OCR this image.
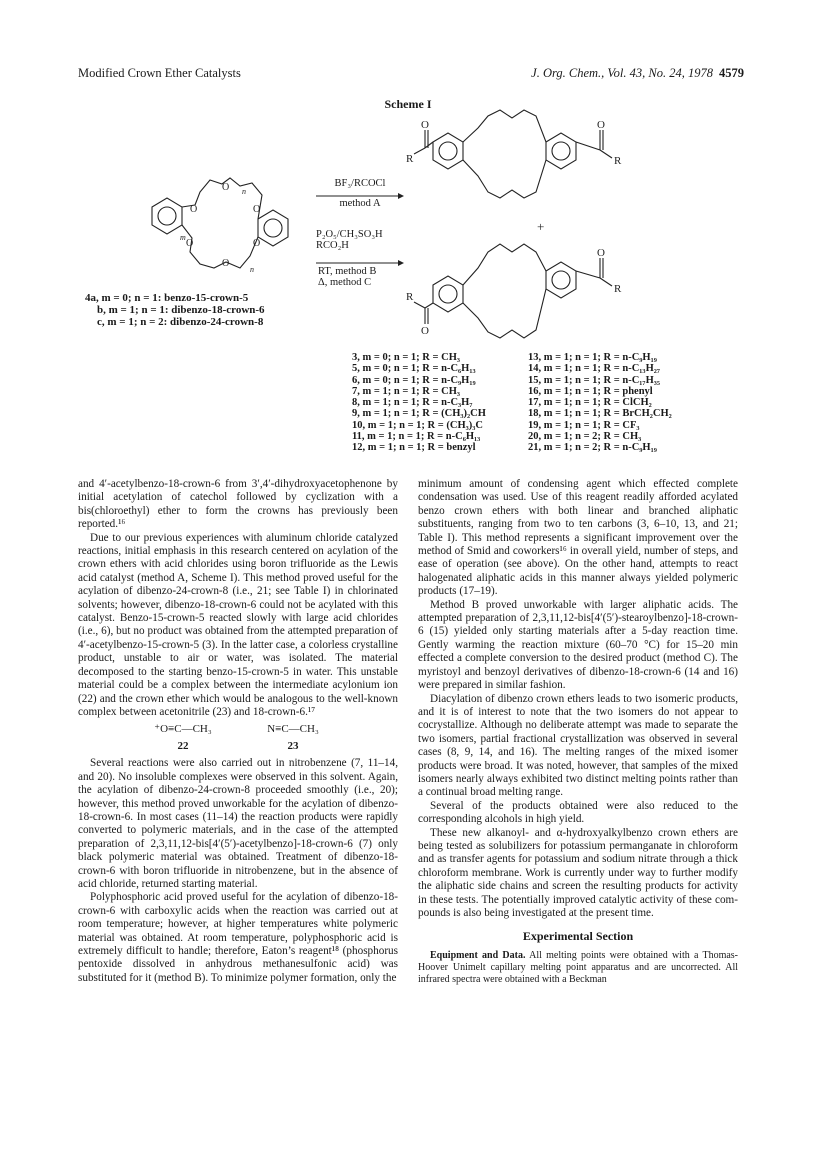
Modified Crown Ether Catalysts	J. Org. Chem., Vol. 43, No. 24, 1978 4579
Scheme I
O
O
O
O	O
O
n
m
n
O
R
O
R
+
O
R
O
R
BF₃/RCOCl
method A
P₂O₅/CH₃SO₃H
RCO₂H
RT, method B
Δ, method C
4a, m = 0; n = 1: benzo-15-crown-5
b, m = 1; n = 1: dibenzo-18-crown-6
c, m = 1; n = 2: dibenzo-24-crown-8
3, m = 0; n = 1; R = CH₃
5, m = 0; n = 1; R = n-C₆H₁₃
6, m = 0; n = 1; R = n-C₉H₁₉
7, m = 1; n = 1; R = CH₃
8, m = 1; n = 1; R = n-C₃H₇
9, m = 1; n = 1; R = (CH₃)₂CH
10, m = 1; n = 1; R = (CH₃)₃C
11, m = 1; n = 1; R = n-C₆H₁₃
12, m = 1; n = 1; R = benzyl
13, m = 1; n = 1; R = n-C₉H₁₉
14, m = 1; n = 1; R = n-C₁₃H₂₇
15, m = 1; n = 1; R = n-C₁₇H₃₅
16, m = 1; n = 1; R = phenyl
17, m = 1; n = 1; R = ClCH₂
18, m = 1; n = 1; R = BrCH₂CH₂
19, m = 1; n = 1; R = CF₃
20, m = 1; n = 2; R = CH₃
21, m = 1; n = 2; R = n-C₉H₁₉

and 4′-acetylbenzo-18-crown-6 from 3′,4′-dihydroxyacetophenone by initial acetylation of catechol followed by cyclization with a bis(chloroethyl) ether to form the crowns has previously been reported.¹⁶

Due to our previous experiences with aluminum chloride catalyzed reactions, initial emphasis in this research centered on acylation of the crown ethers with acid chlorides using boron trifluoride as the Lewis acid catalyst (method A, Scheme I). This method proved useful for the acylation of dibenzo-24-crown-8 (i.e., 21; see Table I) in chlorinated solvents; however, dibenzo-18-crown-6 could not be acylated with this catalyst. Benzo-15-crown-5 reacted slowly with large acid chlorides (i.e., 6), but no product was obtained from the attempted preparation of 4′-acetylbenzo-15-crown-5 (3). In the latter case, a colorless crystalline product, unstable to air or water, was isolated. The material decomposed to the starting benzo-15-crown-5 in water. This unstable material could be a complex between the intermediate acylonium ion (22) and the crown ether which would be analogous to the well-known complex between acetonitrile (23) and 18-crown-6.¹⁷

⁺O≡C—CH₃	N≡C—CH₃
22	23

Several reactions were also carried out in nitrobenzene (7, 11–14, and 20). No insoluble complexes were observed in this solvent. Again, the acylation of dibenzo-24-crown-8 proceeded smoothly (i.e., 20); however, this method proved unworkable for the acylation of dibenzo-18-crown-6. In most cases (11–14) the reaction products were rapidly converted to polymeric materials, and in the case of the attempted preparation of 2,3,11,12-bis[4′(5′)-acetylbenzo]-18-crown-6 (7) only black polymeric material was obtained. Treatment of dibenzo-18-crown-6 with boron trifluoride in nitrobenzene, but in the absence of acid chloride, returned starting material.

Polyphosphoric acid proved useful for the acylation of dibenzo-18-crown-6 with carboxylic acids when the reaction was carried out at room temperature; however, at higher temperatures white polymeric material was obtained. At room temperature, polyphosphoric acid is extremely difficult to handle; therefore, Eaton’s reagent¹⁸ (phosphorus pentoxide dissolved in anhydrous methanesulfonic acid) was substituted for it (method B). To minimize polymer formation, only the

minimum amount of condensing agent which effected complete condensation was used. Use of this reagent readily afforded acylated benzo crown ethers with both linear and branched aliphatic substituents, ranging from two to ten carbons (3, 6–10, 13, and 21; Table I). This method represents a significant improvement over the method of Smid and coworkers¹⁶ in overall yield, number of steps, and ease of operation (see above). On the other hand, attempts to react halogenated aliphatic acids in this manner always yielded polymeric products (17–19).

Method B proved unworkable with larger aliphatic acids. The attempted preparation of 2,3,11,12-bis[4′(5′)-stearoylbenzo]-18-crown-6 (15) yielded only starting materials after a 5-day reaction time. Gently warming the reaction mixture (60–70 °C) for 15–20 min effected a complete conversion to the desired product (method C). The myristoyl and benzoyl derivatives of dibenzo-18-crown-6 (14 and 16) were prepared in similar fashion.

Diacylation of dibenzo crown ethers leads to two isomeric products, and it is of interest to note that the two isomers do not appear to cocrystallize. Although no deliberate attempt was made to separate the two isomers, partial fractional crystallization was observed in several cases (8, 9, 14, and 16). The melting ranges of the mixed isomer products were broad. It was noted, however, that samples of the mixed isomers nearly always exhibited two distinct melting points rather than a continual broad melting range.

Several of the products obtained were also reduced to the corresponding alcohols in high yield.

These new alkanoyl- and α-hydroxyalkylbenzo crown ethers are being tested as solubilizers for potassium permanganate in chloroform and as transfer agents for potassium and sodium nitrate through a thick chloroform membrane. Work is currently under way to further modify the aliphatic side chains and screen the resulting products for activity in these tests. The potentially improved catalytic activity of these compounds is also being investigated at the present time.

Experimental Section

Equipment and Data. All melting points were obtained with a Thomas-Hoover Unimelt capillary melting point apparatus and are uncorrected. All infrared spectra were obtained with a Beckman
